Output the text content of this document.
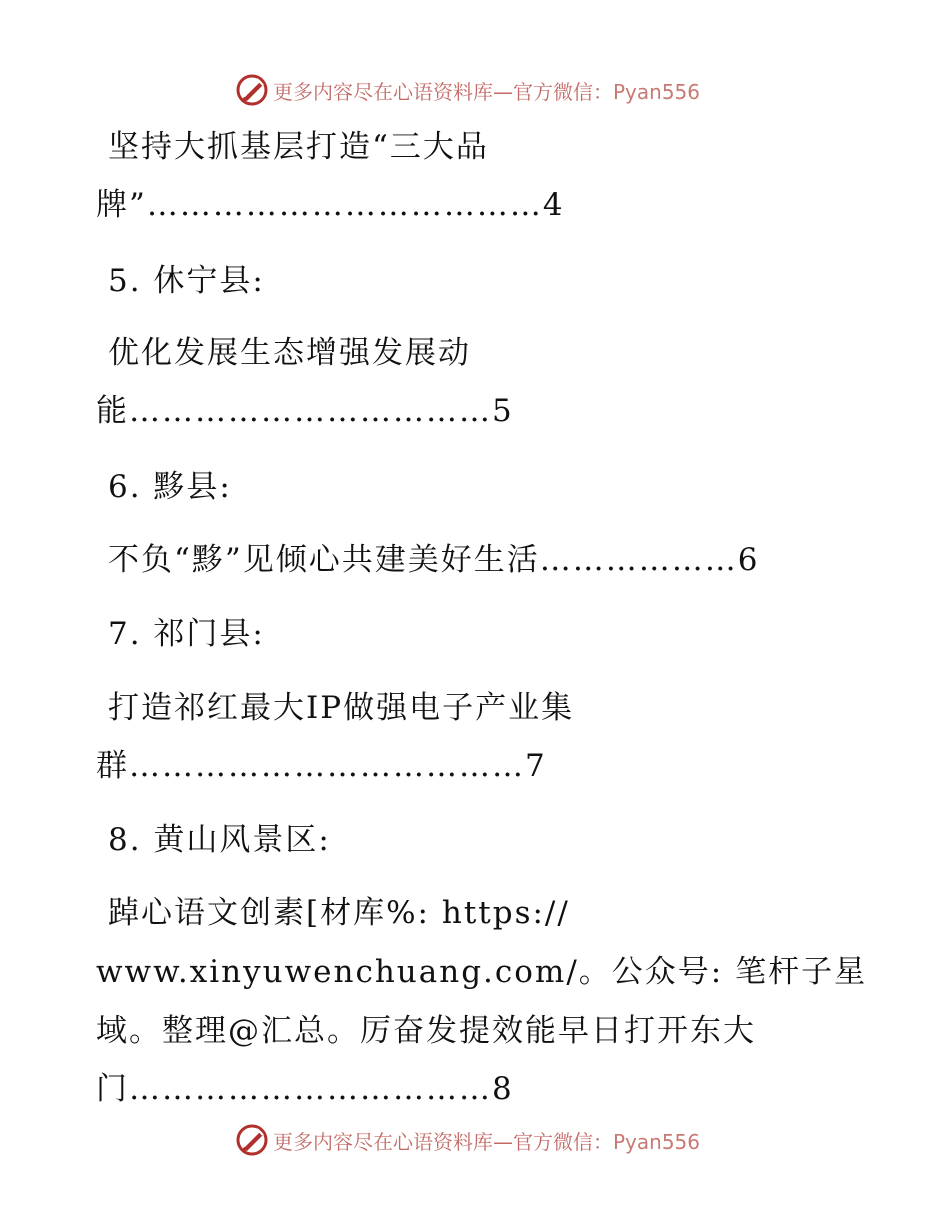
更多内容尽在心语资料库—官方微信：Pyan556
坚持大抓基层打造“三大品
牌”………………………………4
5. 休宁县:
优化发展生态增强发展动
能……………………………5
6. 黟县:
不负“黟”见倾心共建美好生活………………6
7. 祁门县:
打造祁红最大IP做强电子产业集
群………………………………7
8. 黄山风景区:
踔心语文创素[材库%: https://
www.xinyuwenchuang.com/。公众号: 笔杆子星
域。整理@汇总。厉奋发提效能早日打开东大
门……………………………8
更多内容尽在心语资料库—官方微信：Pyan556
